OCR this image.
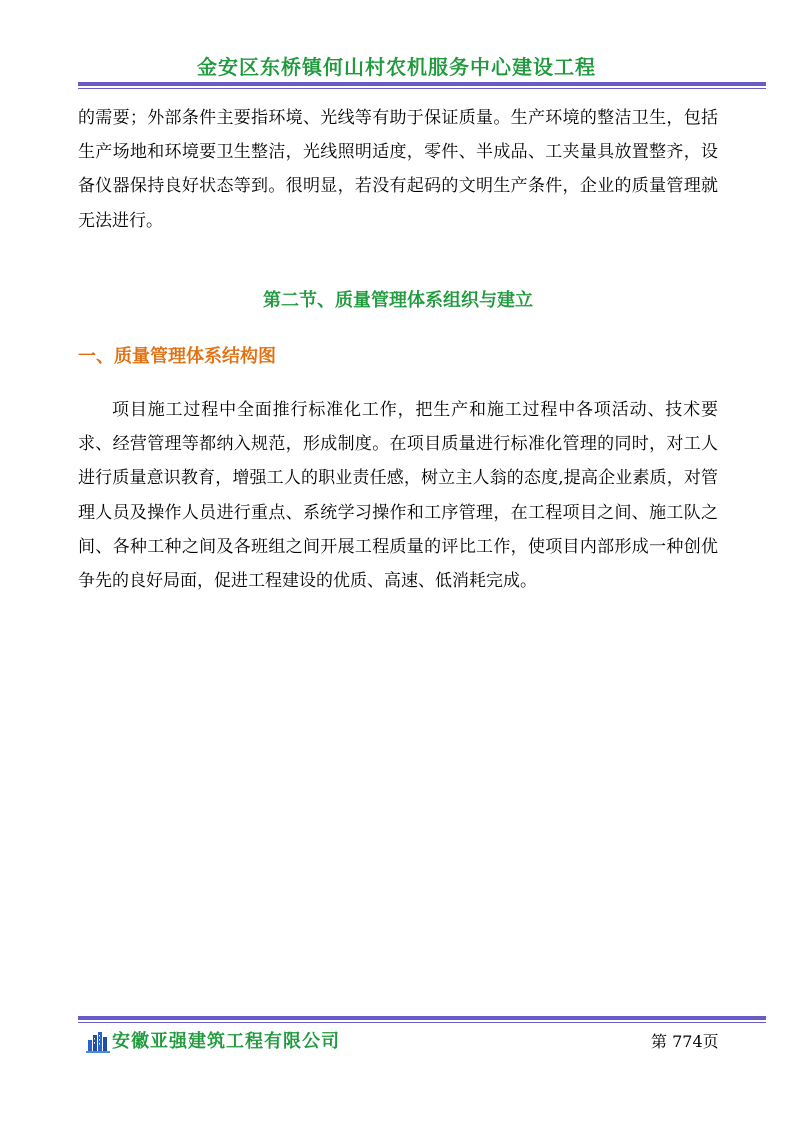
金安区东桥镇何山村农机服务中心建设工程

的需要；外部条件主要指环境、光线等有助于保证质量。生产环境的整洁卫生，包括生产场地和环境要卫生整洁，光线照明适度，零件、半成品、工夹量具放置整齐，设备仪器保持良好状态等到。很明显，若没有起码的文明生产条件，企业的质量管理就无法进行。

第二节、质量管理体系组织与建立
一、质量管理体系结构图

项目施工过程中全面推行标准化工作，把生产和施工过程中各项活动、技术要求、经营管理等都纳入规范，形成制度。在项目质量进行标准化管理的同时，对工人进行质量意识教育，增强工人的职业责任感，树立主人翁的态度,提高企业素质，对管理人员及操作人员进行重点、系统学习操作和工序管理，在工程项目之间、施工队之间、各种工种之间及各班组之间开展工程质量的评比工作，使项目内部形成一种创优争先的良好局面，促进工程建设的优质、高速、低消耗完成。

安徽亚强建筑工程有限公司	第 774页
